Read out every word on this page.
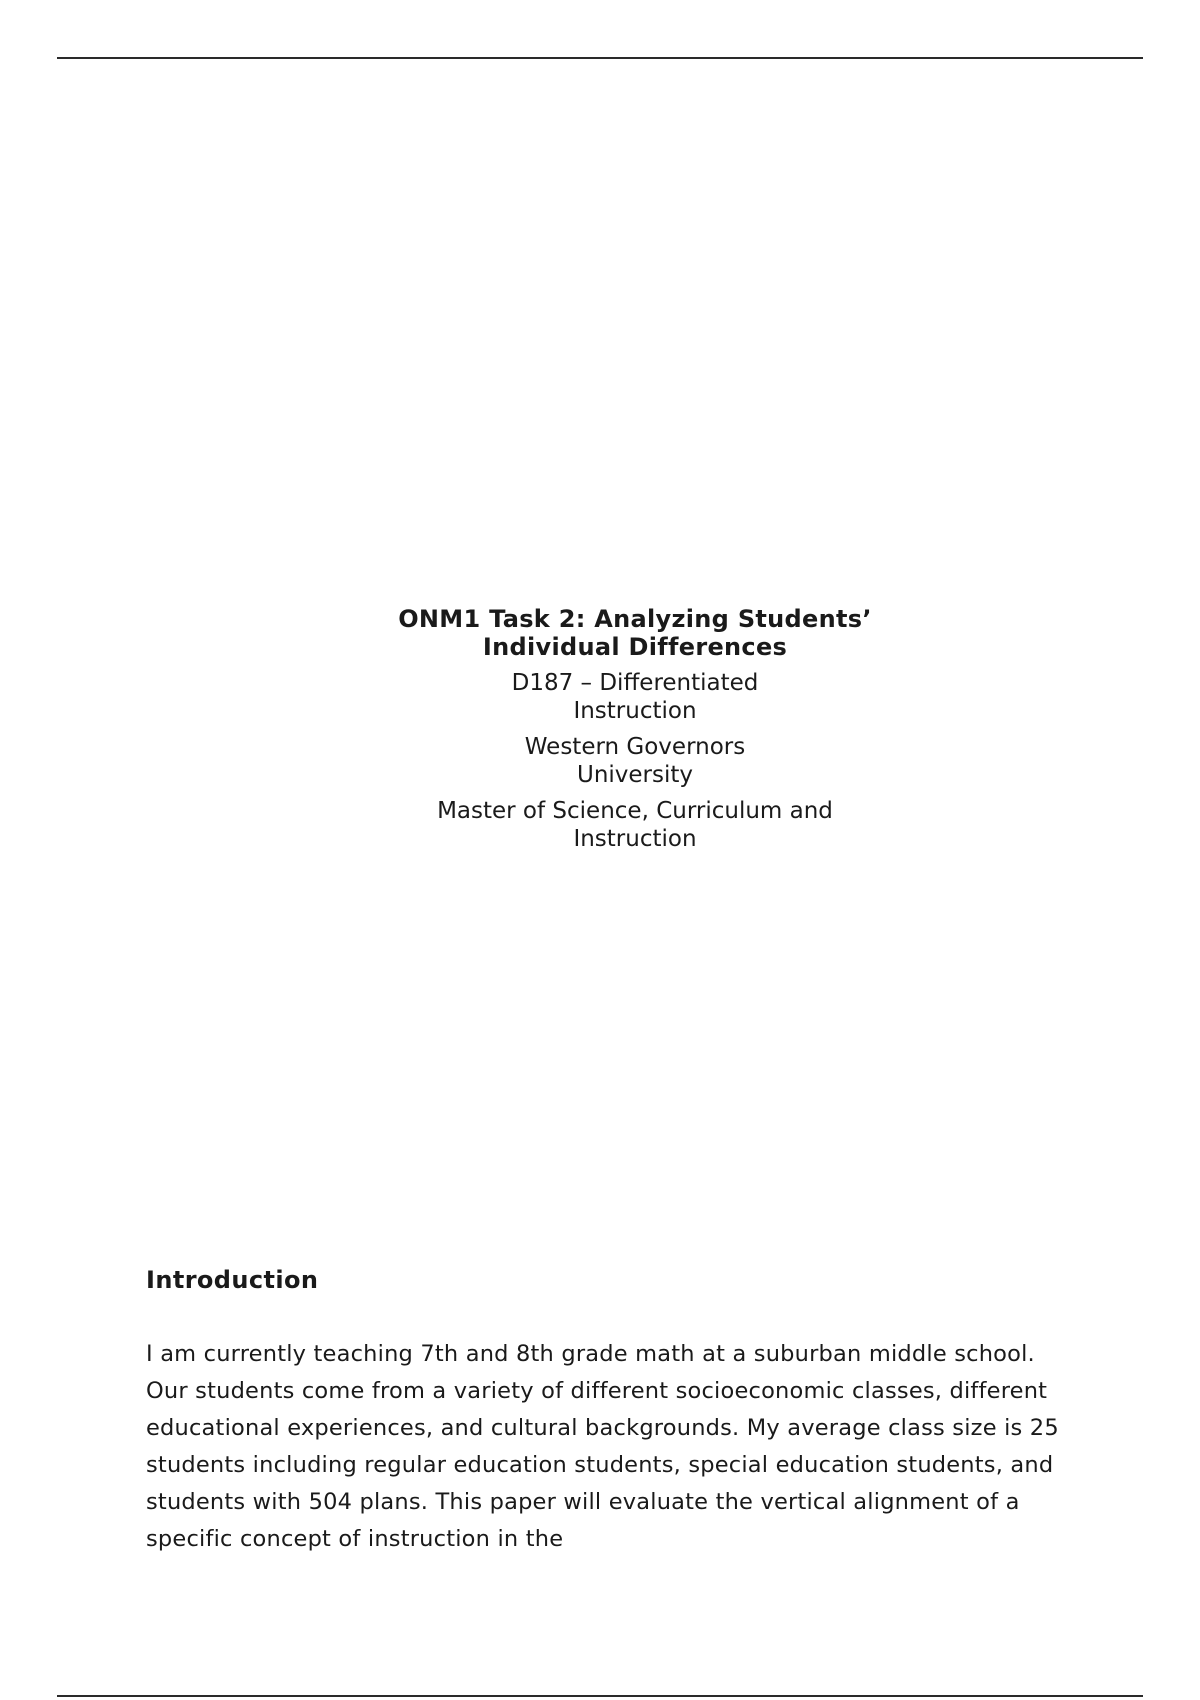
ONM1 Task 2: Analyzing Students’ Individual Differences
D187 – Differentiated Instruction
Western Governors University
Master of Science, Curriculum and Instruction
Introduction

I am currently teaching 7th and 8th grade math at a suburban middle school. Our students come from a variety of different socioeconomic classes, different educational experiences, and cultural backgrounds. My average class size is 25 students including regular education students, special education students, and students with 504 plans. This paper will evaluate the vertical alignment of a specific concept of instruction in the
